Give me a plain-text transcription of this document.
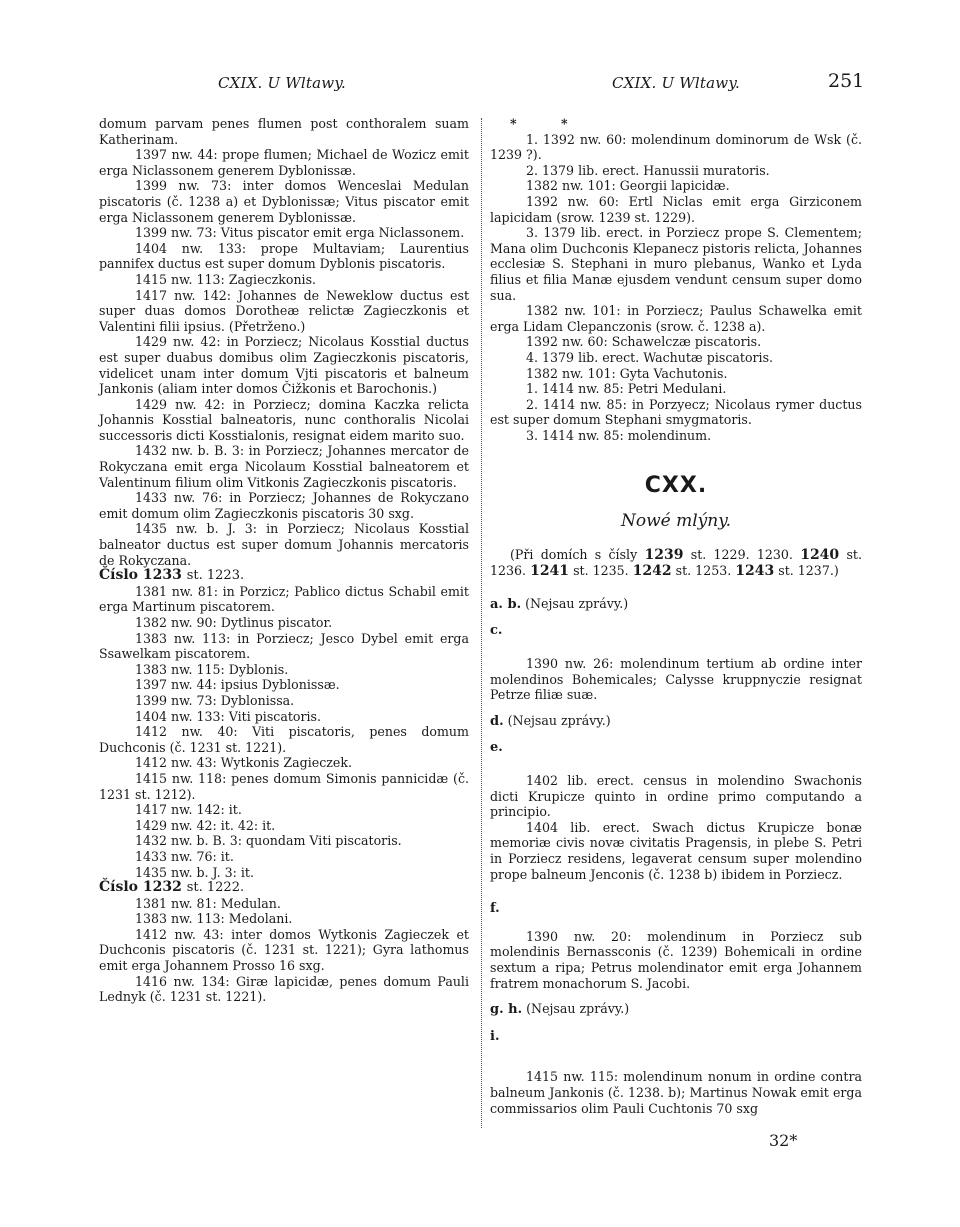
CXIX. U Wltawy.	CXIX. U Wltawy.	251

domum parvam penes flumen post conthoralem suam Katherinam.

1397 nw. 44: prope flumen; Michael de Wozicz emit erga Niclassonem generem Dyblonissæ.

1399 nw. 73: inter domos Wenceslai Medulan piscatoris (č. 1238 a) et Dyblonissæ; Vitus piscator emit erga Niclassonem generem Dyblonissæ.

1399 nw. 73: Vitus piscator emit erga Niclassonem.

1404 nw. 133: prope Multaviam; Laurentius pannifex ductus est super domum Dyblonis piscatoris.

1415 nw. 113: Zagieczkonis.

1417 nw. 142: Johannes de Neweklow ductus est super duas domos Dorotheæ relictæ Zagieczkonis et Valentini filii ipsius. (Přetrženo.)

1429 nw. 42: in Porziecz; Nicolaus Kosstial ductus est super duabus domibus olim Zagieczkonis piscatoris, videlicet unam inter domum Vjti piscatoris et balneum Jankonis (aliam inter domos Čižkonis et Barochonis.)

1429 nw. 42: in Porziecz; domina Kaczka relicta Johannis Kosstial balneatoris, nunc conthoralis Nicolai successoris dicti Kosstialonis, resignat eidem marito suo.

1432 nw. b. B. 3: in Porziecz; Johannes mercator de Rokyczana emit erga Nicolaum Kosstial balneatorem et Valentinum filium olim Vitkonis Zagieczkonis piscatoris.

1433 nw. 76: in Porziecz; Johannes de Rokyczano emit domum olim Zagieczkonis piscatoris 30 sxg.

1435 nw. b. J. 3: in Porziecz; Nicolaus Kosstial balneator ductus est super domum Johannis mercatoris de Rokyczana.

Číslo 1233 st. 1223.

1381 nw. 81: in Porzicz; Pablico dictus Schabil emit erga Martinum piscatorem.

1382 nw. 90: Dytlinus piscator.

1383 nw. 113: in Porziecz; Jesco Dybel emit erga Ssawelkam piscatorem.

1383 nw. 115: Dyblonis.

1397 nw. 44: ipsius Dyblonissæ.

1399 nw. 73: Dyblonissa.

1404 nw. 133: Viti piscatoris.

1412 nw. 40: Viti piscatoris, penes domum Duchconis (č. 1231 st. 1221).

1412 nw. 43: Wytkonis Zagieczek.

1415 nw. 118: penes domum Simonis pannicidæ (č. 1231 st. 1212).

1417 nw. 142: it.

1429 nw. 42: it. 42: it.

1432 nw. b. B. 3: quondam Viti piscatoris.

1433 nw. 76: it.

1435 nw. b. J. 3: it.

Číslo 1232 st. 1222.

1381 nw. 81: Medulan.

1383 nw. 113: Medolani.

1412 nw. 43: inter domos Wytkonis Zagieczek et Duchconis piscatoris (č. 1231 st. 1221); Gyra lathomus emit erga Johannem Prosso 16 sxg.

1416 nw. 134: Giræ lapicidæ, penes domum Pauli Lednyk (č. 1231 st. 1221).

* *

1. 1392 nw. 60: molendinum dominorum de Wsk (č. 1239 ?).

2. 1379 lib. erect. Hanussii muratoris.

1382 nw. 101: Georgii lapicidæ.

1392 nw. 60: Ertl Niclas emit erga Girziconem lapicidam (srow. 1239 st. 1229).

3. 1379 lib. erect. in Porziecz prope S. Clementem; Mana olim Duchconis Klepanecz pistoris relicta, Johannes ecclesiæ S. Stephani in muro plebanus, Wanko et Lyda filius et filia Manæ ejusdem vendunt censum super domo sua.

1382 nw. 101: in Porziecz; Paulus Schawelka emit erga Lidam Clepanczonis (srow. č. 1238 a).

1392 nw. 60: Schawelczæ piscatoris.

4. 1379 lib. erect. Wachutæ piscatoris.

1382 nw. 101: Gyta Vachutonis.

1. 1414 nw. 85: Petri Medulani.

2. 1414 nw. 85: in Porzyecz; Nicolaus rymer ductus est super domum Stephani smygmatoris.

3. 1414 nw. 85: molendinum.

CXX.
Nowé mlýny.

(Při domích s čísly 1239 st. 1229. 1230. 1240 st. 1236. 1241 st. 1235. 1242 st. 1253. 1243 st. 1237.)

a. b. (Nejsau zprávy.)

c.

1390 nw. 26: molendinum tertium ab ordine inter molendinos Bohemicales; Calysse kruppnyczie resignat Petrze filiæ suæ.

d. (Nejsau zprávy.)

e.

1402 lib. erect. census in molendino Swachonis dicti Krupicze quinto in ordine primo computando a principio.

1404 lib. erect. Swach dictus Krupicze bonæ memoriæ civis novæ civitatis Pragensis, in plebe S. Petri in Porziecz residens, legaverat censum super molendino prope balneum Jenconis (č. 1238 b) ibidem in Porziecz.

f.

1390 nw. 20: molendinum in Porziecz sub molendinis Bernassconis (č. 1239) Bohemicali in ordine sextum a ripa; Petrus molendinator emit erga Johannem fratrem monachorum S. Jacobi.

g. h. (Nejsau zprávy.)

i.

1415 nw. 115: molendinum nonum in ordine contra balneum Jankonis (č. 1238. b); Martinus Nowak emit erga commissarios olim Pauli Cuchtonis 70 sxg

32*
